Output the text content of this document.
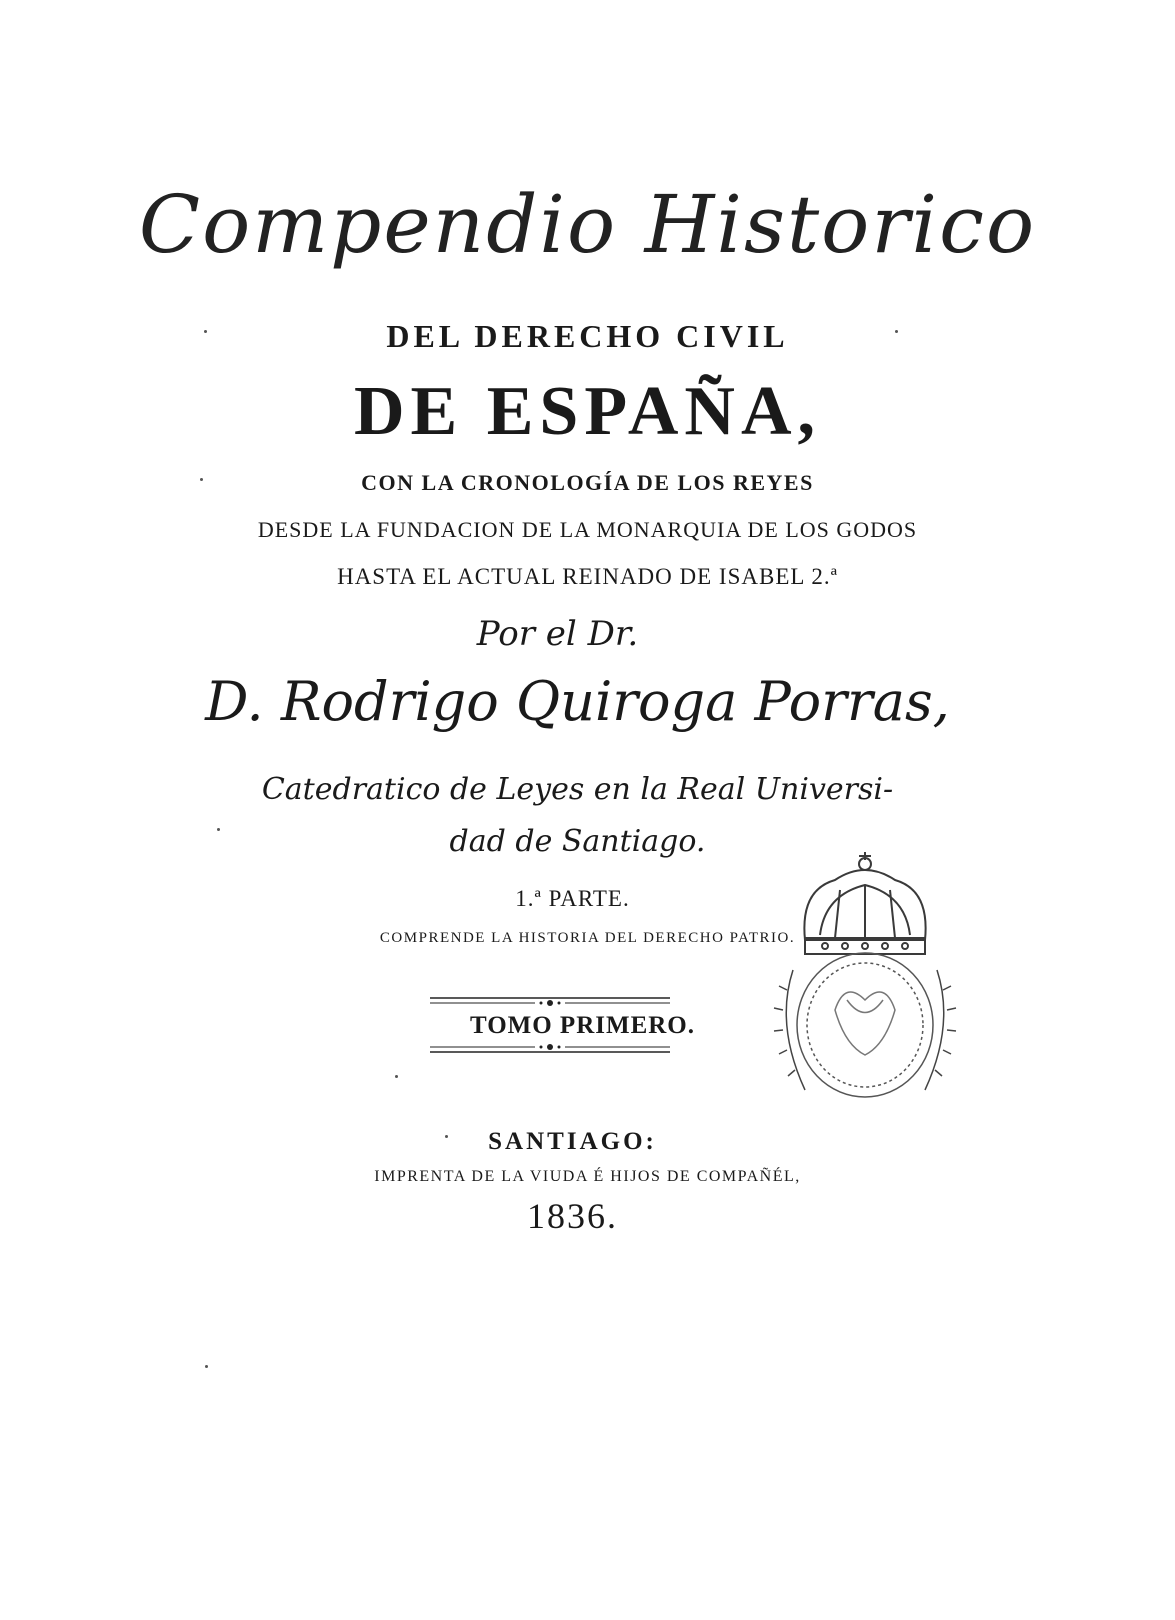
Compendio Historico
DEL DERECHO CIVIL
DE ESPAÑA,
CON LA CRONOLOGÍA DE LOS REYES
DESDE LA FUNDACION DE LA MONARQUIA DE LOS GODOS
HASTA EL ACTUAL REINADO DE ISABEL 2.ª
Por el Dr.
D. Rodrigo Quiroga Porras,
Catedratico de Leyes en la Real Universi-
dad de Santiago.
1.ª PARTE.
COMPRENDE LA HISTORIA DEL DERECHO PATRIO.
TOMO PRIMERO.
SANTIAGO:
IMPRENTA DE LA VIUDA É HIJOS DE COMPAÑÉL,
1836.
